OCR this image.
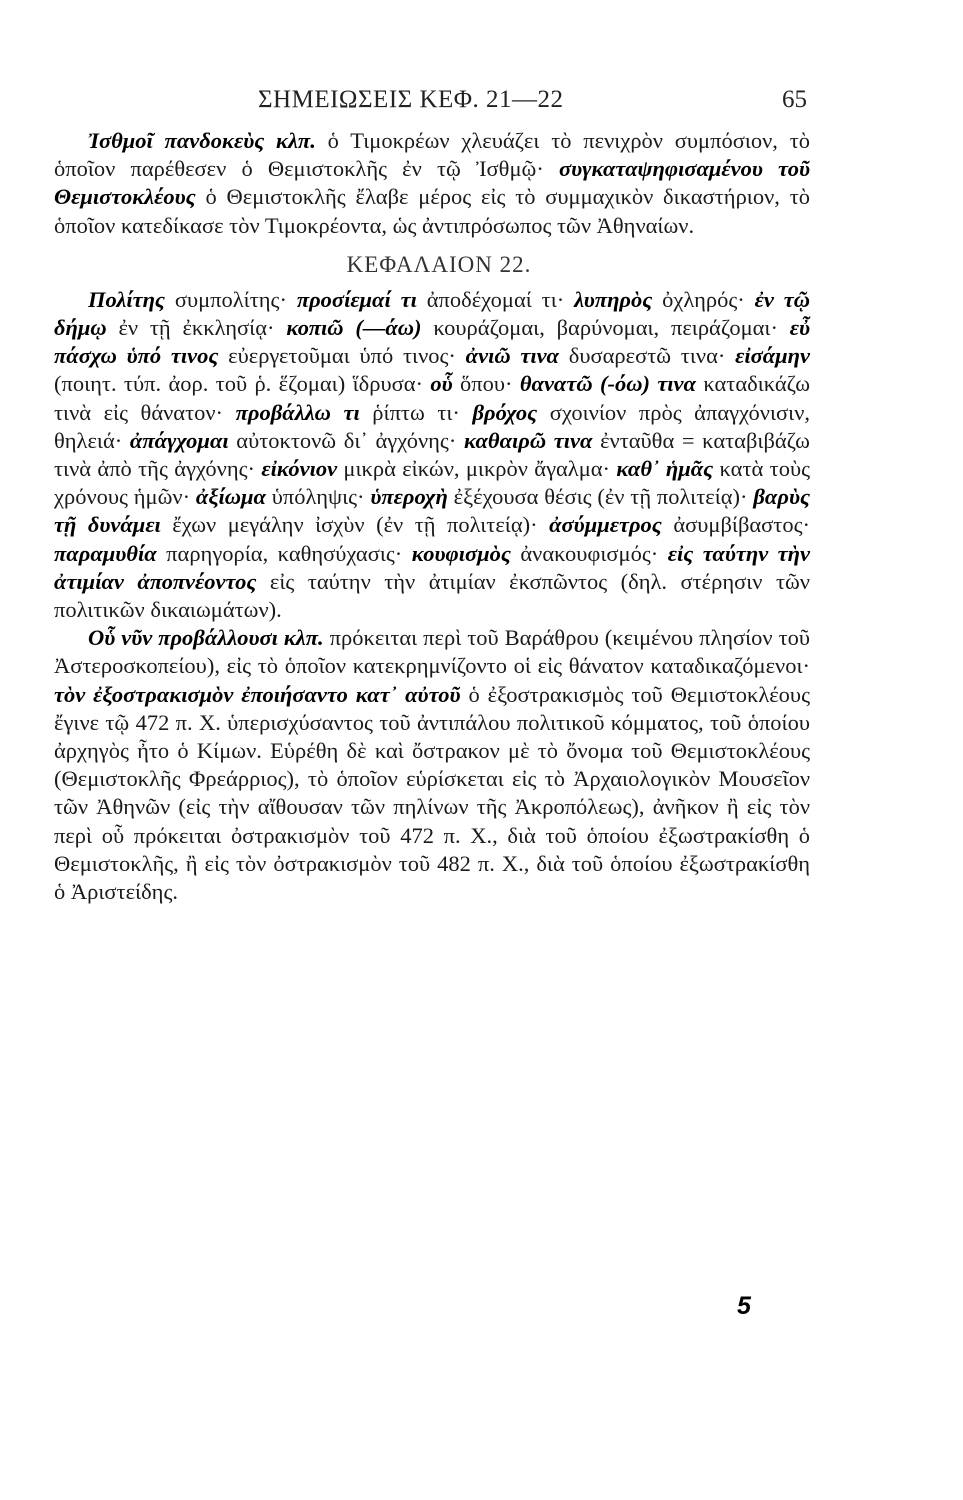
ΣΗΜΕΙΩΣΕΙΣ ΚΕΦ. 21—22	65

Ἰσθμοῖ πανδοκεὺς κλπ. ὁ Τιμοκρέων χλευάζει τὸ πενιχρὸν συμπόσιον, τὸ ὁποῖον παρέθεσεν ὁ Θεμιστοκλῆς ἐν τῷ Ἰσθμῷ· συγκαταψηφισαμένου τοῦ Θεμιστοκλέους ὁ Θεμιστοκλῆς ἔλαβε μέρος εἰς τὸ συμμαχικὸν δικαστήριον, τὸ ὁποῖον κατεδίκασε τὸν Τιμοκρέοντα, ὡς ἀντιπρόσωπος τῶν Ἀθηναίων.

ΚΕΦΑΛΑΙΟΝ 22.

Πολίτης συμπολίτης· προσίεμαί τι ἀποδέχομαί τι· λυπηρὸς ὀχληρός· ἐν τῷ δήμῳ ἐν τῇ ἐκκλησίᾳ· κοπιῶ (—άω) κουράζομαι, βαρύνομαι, πειράζομαι· εὖ πάσχω ὑπό τινος εὐεργετοῦμαι ὑπό τινος· ἀνιῶ τινα δυσαρεστῶ τινα· εἰσάμην (ποιητ. τύπ. ἀορ. τοῦ ῥ. ἕζομαι) ἵδρυσα· οὗ ὅπου· θανατῶ (-όω) τινα καταδικάζω τινὰ εἰς θάνατον· προβάλλω τι ῥίπτω τι· βρόχος σχοινίον πρὸς ἀπαγχόνισιν, θηλειά· ἀπάγχομαι αὐτοκτονῶ δι᾽ ἀγχόνης· καθαιρῶ τινα ἐνταῦθα = καταβιβάζω τινὰ ἀπὸ τῆς ἀγχόνης· εἰκόνιον μικρὰ εἰκών, μικρὸν ἄγαλμα· καθ᾽ ἡμᾶς κατὰ τοὺς χρόνους ἡμῶν· ἀξίωμα ὑπόληψις· ὑπεροχὴ ἐξέχουσα θέσις (ἐν τῇ πολιτείᾳ)· βαρὺς τῇ δυνάμει ἔχων μεγάλην ἰσχὺν (ἐν τῇ πολιτείᾳ)· ἀσύμμετρος ἀσυμβίβαστος· παραμυθία παρηγορία, καθησύχασις· κουφισμὸς ἀνακουφισμός· εἰς ταύτην τὴν ἀτιμίαν ἀποπνέοντος εἰς ταύτην τὴν ἀτιμίαν ἐκσπῶντος (δηλ. στέρησιν τῶν πολιτικῶν δικαιωμάτων).

Οὗ νῦν προβάλλουσι κλπ. πρόκειται περὶ τοῦ Βαράθρου (κειμένου πλησίον τοῦ Ἀστεροσκοπείου), εἰς τὸ ὁποῖον κατεκρημνίζοντο οἱ εἰς θάνατον καταδικαζόμενοι· τὸν ἐξοστρακισμὸν ἐποιήσαντο κατ᾽ αὐτοῦ ὁ ἐξοστρακισμὸς τοῦ Θεμιστοκλέους ἔγινε τῷ 472 π. Χ. ὑπερισχύσαντος τοῦ ἀντιπάλου πολιτικοῦ κόμματος, τοῦ ὁποίου ἀρχηγὸς ἦτο ὁ Κίμων. Εὑρέθη δὲ καὶ ὄστρακον μὲ τὸ ὄνομα τοῦ Θεμιστοκλέους (Θεμιστοκλῆς Φρεάρριος), τὸ ὁποῖον εὑρίσκεται εἰς τὸ Ἀρχαιολογικὸν Μουσεῖον τῶν Ἀθηνῶν (εἰς τὴν αἴθουσαν τῶν πηλίνων τῆς Ἀκροπόλεως), ἀνῆκον ἢ εἰς τὸν περὶ οὗ πρόκειται ὀστρακισμὸν τοῦ 472 π. Χ., διὰ τοῦ ὁποίου ἐξωστρακίσθη ὁ Θεμιστοκλῆς, ἢ εἰς τὸν ὀστρακισμὸν τοῦ 482 π. Χ., διὰ τοῦ ὁποίου ἐξωστρακίσθη ὁ Ἀριστείδης.

5
